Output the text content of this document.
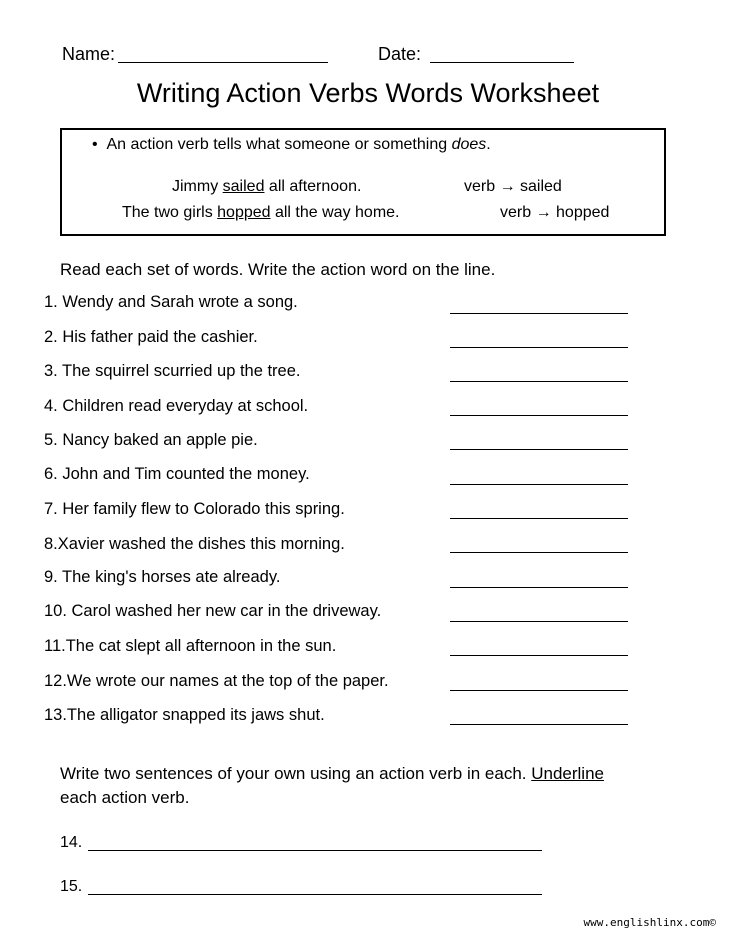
Name:	Date:
Writing Action Verbs Words Worksheet
•  An action verb tells what someone or something does.
Jimmy sailed all afternoon.	verb → sailed
The two girls hopped all the way home.	verb → hopped
Read each set of words. Write the action word on the line.
1. Wendy and Sarah wrote a song.
2. His father paid the cashier.
3. The squirrel scurried up the tree.
4. Children read everyday at school.
5. Nancy baked an apple pie.
6. John and Tim counted the money.
7. Her family flew to Colorado this spring.
8.Xavier washed the dishes this morning.
9. The king's horses ate already.
10. Carol washed her new car in the driveway.
11.The cat slept all afternoon in the sun.
12.We wrote our names at the top of the paper.
13.The alligator snapped its jaws shut.
Write two sentences of your own using an action verb in each. Underline
each action verb.
14.
15.
www.englishlinx.com©
